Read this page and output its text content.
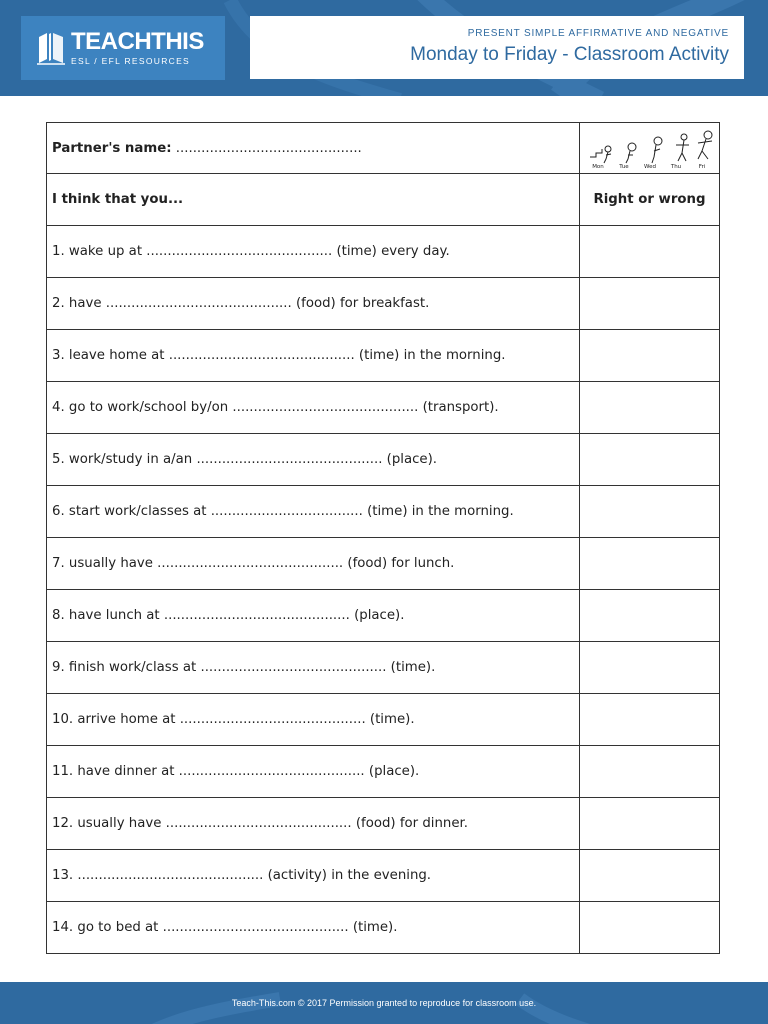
TEACHTHIS
ESL / EFL RESOURCES
PRESENT SIMPLE AFFIRMATIVE AND NEGATIVE
Monday to Friday - Classroom Activity
Partner's name: ............................................	Mon Tue Wed Thu Fri

I think that you...	Right or wrong
1. wake up at ............................................ (time) every day.	
2. have ............................................ (food) for breakfast.	
3. leave home at ............................................ (time) in the morning.	
4. go to work/school by/on ............................................ (transport).	
5. work/study in a/an ............................................ (place).	
6. start work/classes at .................................... (time) in the morning.	
7. usually have ............................................ (food) for lunch.	
8. have lunch at ............................................ (place).	
9. finish work/class at ............................................ (time).	
10. arrive home at ............................................ (time).	
11. have dinner at ............................................ (place).	
12. usually have ............................................ (food) for dinner.	
13. ............................................ (activity) in the evening.	
14. go to bed at ............................................ (time).	
Teach-This.com © 2017 Permission granted to reproduce for classroom use.
